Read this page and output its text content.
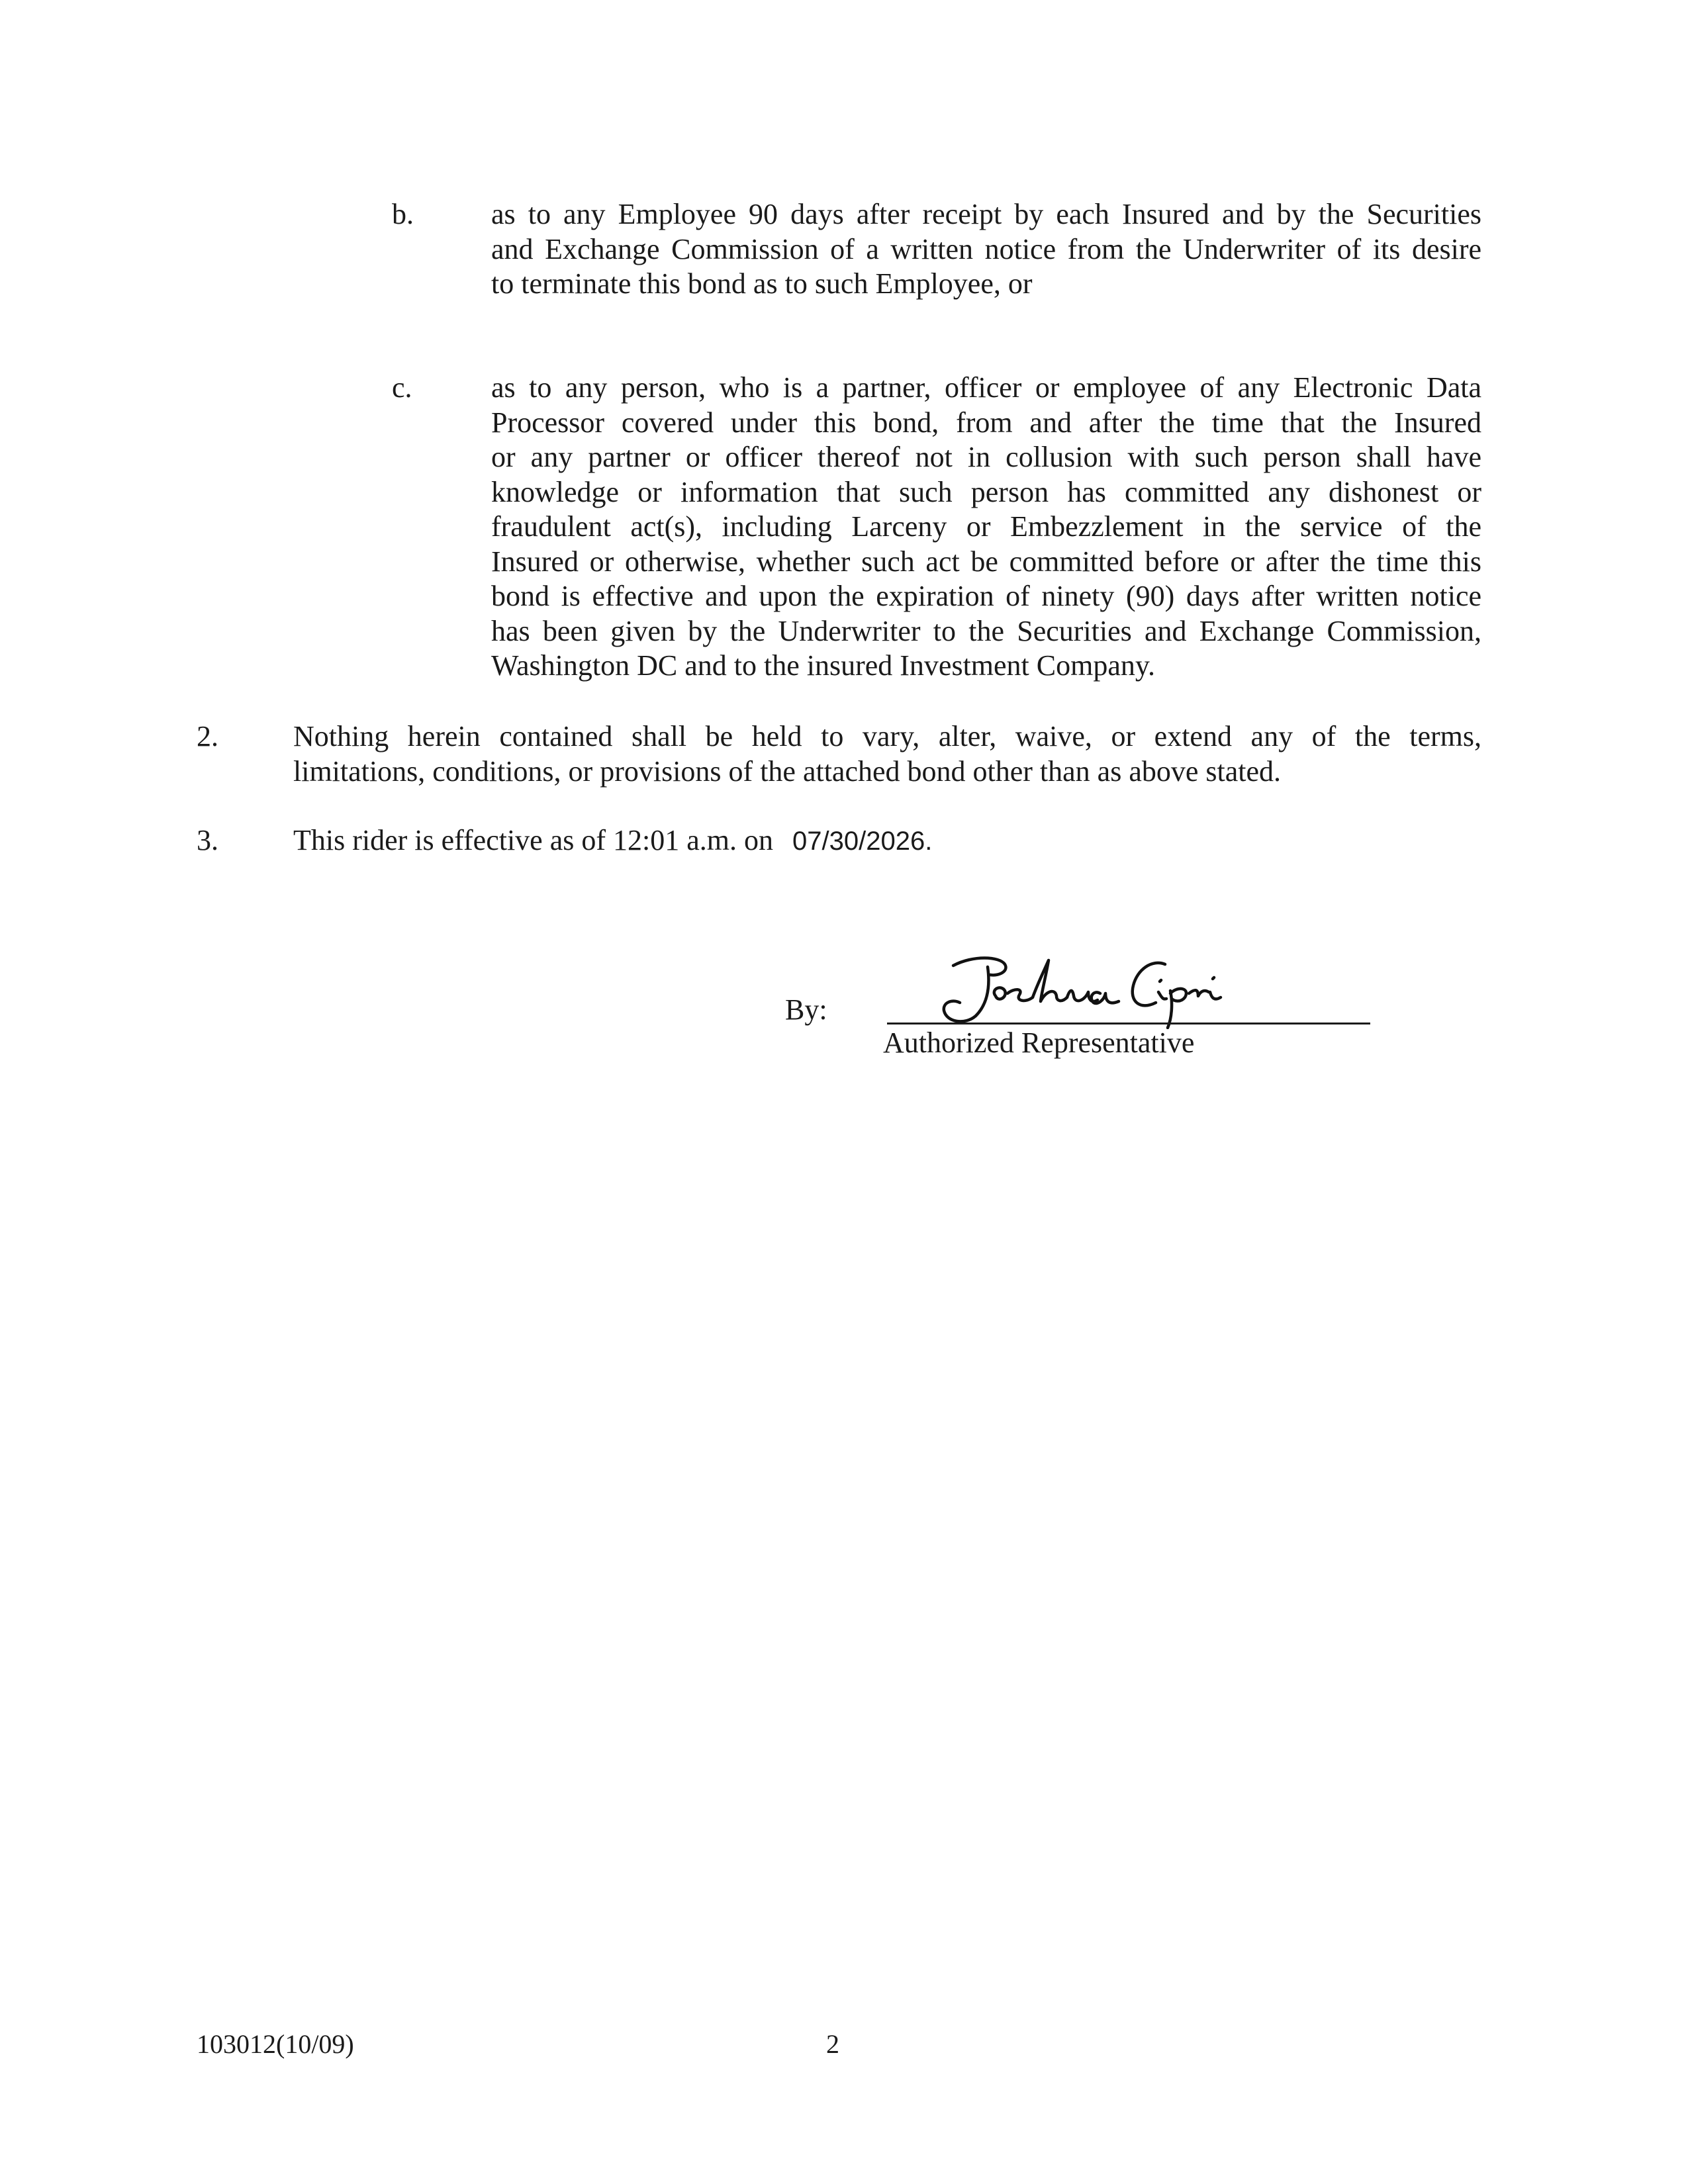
b.	as to any Employee 90 days after receipt by each Insured and by the Securities
and Exchange Commission of a written notice from the Underwriter of its desire
to terminate this bond as to such Employee, or
c.	as to any person, who is a partner, officer or employee of any Electronic Data
Processor covered under this bond, from and after the time that the Insured
or any partner or officer thereof not in collusion with such person shall have
knowledge or information that such person has committed any dishonest or
fraudulent act(s), including Larceny or Embezzlement in the service of the
Insured or otherwise, whether such act be committed before or after the time this
bond is effective and upon the expiration of ninety (90) days after written notice
has been given by the Underwriter to the Securities and Exchange Commission,
Washington DC and to the insured Investment Company.
2.	Nothing herein contained shall be held to vary, alter, waive, or extend any of the terms,
limitations, conditions, or provisions of the attached bond other than as above stated.
3.	This rider is effective as of 12:01 a.m. on 07/30/2026.
By:
Authorized Representative
103012(10/09)	2
